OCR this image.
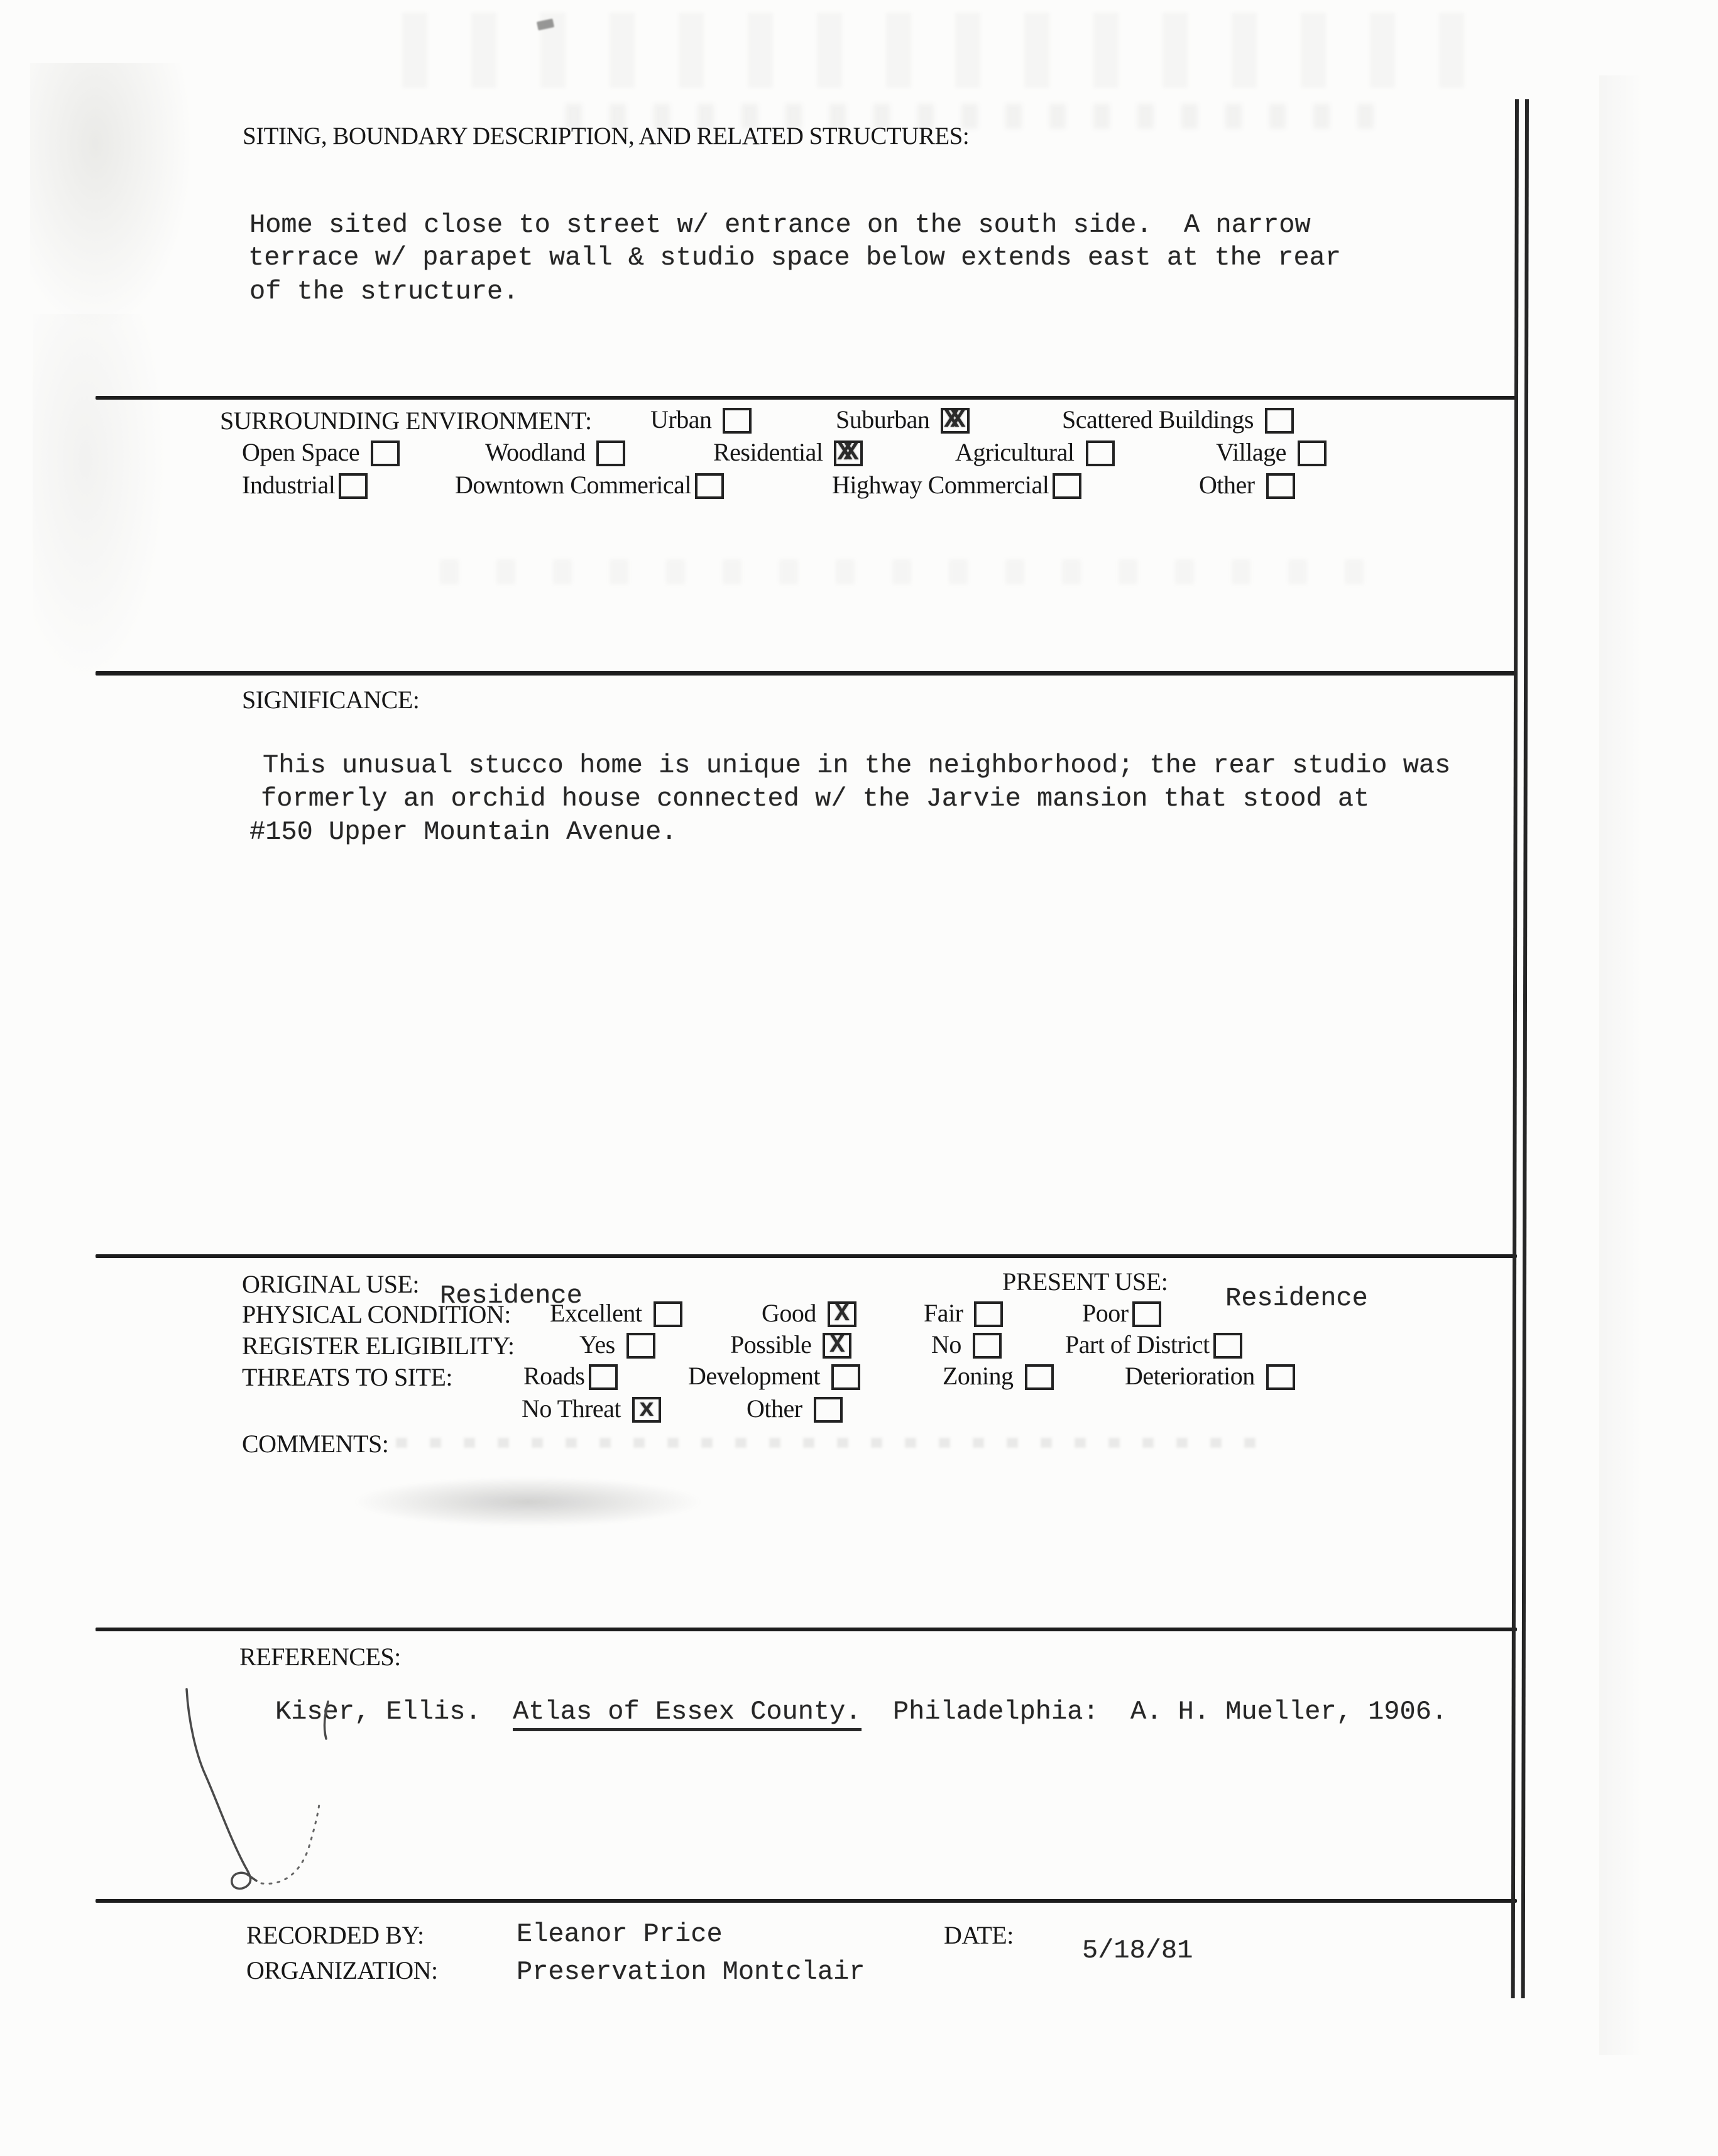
SITING, BOUNDARY DESCRIPTION, AND RELATED STRUCTURES:
Home sited close to street w/ entrance on the south side.  A narrow
terrace w/ parapet wall & studio space below extends east at the rear
of the structure.
SURROUNDING ENVIRONMENT: Urban	Suburban XX	Scattered Buildings
Open Space	Woodland	Residential XX	Agricultural	Village
Industrial	Downtown Commerical	Highway Commercial	Other
SIGNIFICANCE:
This unusual stucco home is unique in the neighborhood; the rear studio was
formerly an orchid house connected w/ the Jarvie mansion that stood at
#150 Upper Mountain Avenue.
ORIGINAL USE: Residence	PRESENT USE:
Residence
PHYSICAL CONDITION: Excellent	Good X	Fair	Poor
REGISTER ELIGIBILITY:	Yes	Possible X	No	Part of District
THREATS TO SITE:	Roads	Development	Zoning	Deterioration
No Threat x	Other
COMMENTS:
REFERENCES:
Kiser, Ellis.  Atlas of Essex County.  Philadelphia:  A. H. Mueller, 1906.
RECORDED BY:	Eleanor Price
ORGANIZATION:	Preservation Montclair
DATE:
5/18/81
